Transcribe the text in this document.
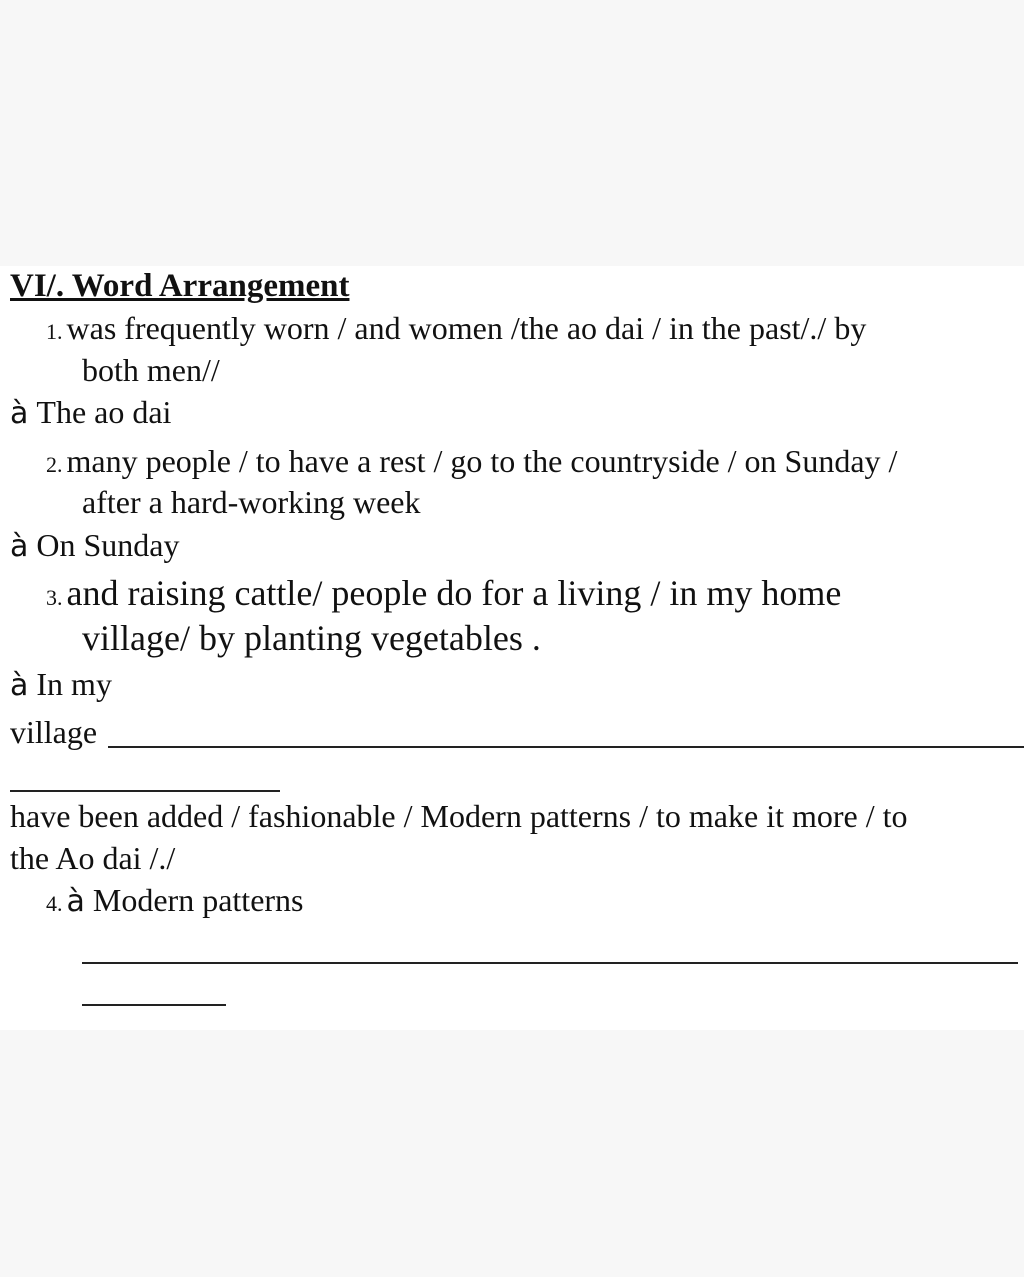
VI/. Word Arrangement
1. was frequently worn / and women /the ao dai / in the past/./ by
both men//
à The ao dai
2. many people / to have a rest / go to the countryside / on Sunday /
after a hard-working week
à On Sunday
3. and raising cattle/ people do for a living / in my home
village/ by planting vegetables .
à In my
village
have been added / fashionable / Modern patterns / to make it more / to
the Ao dai /./
4. à Modern patterns
